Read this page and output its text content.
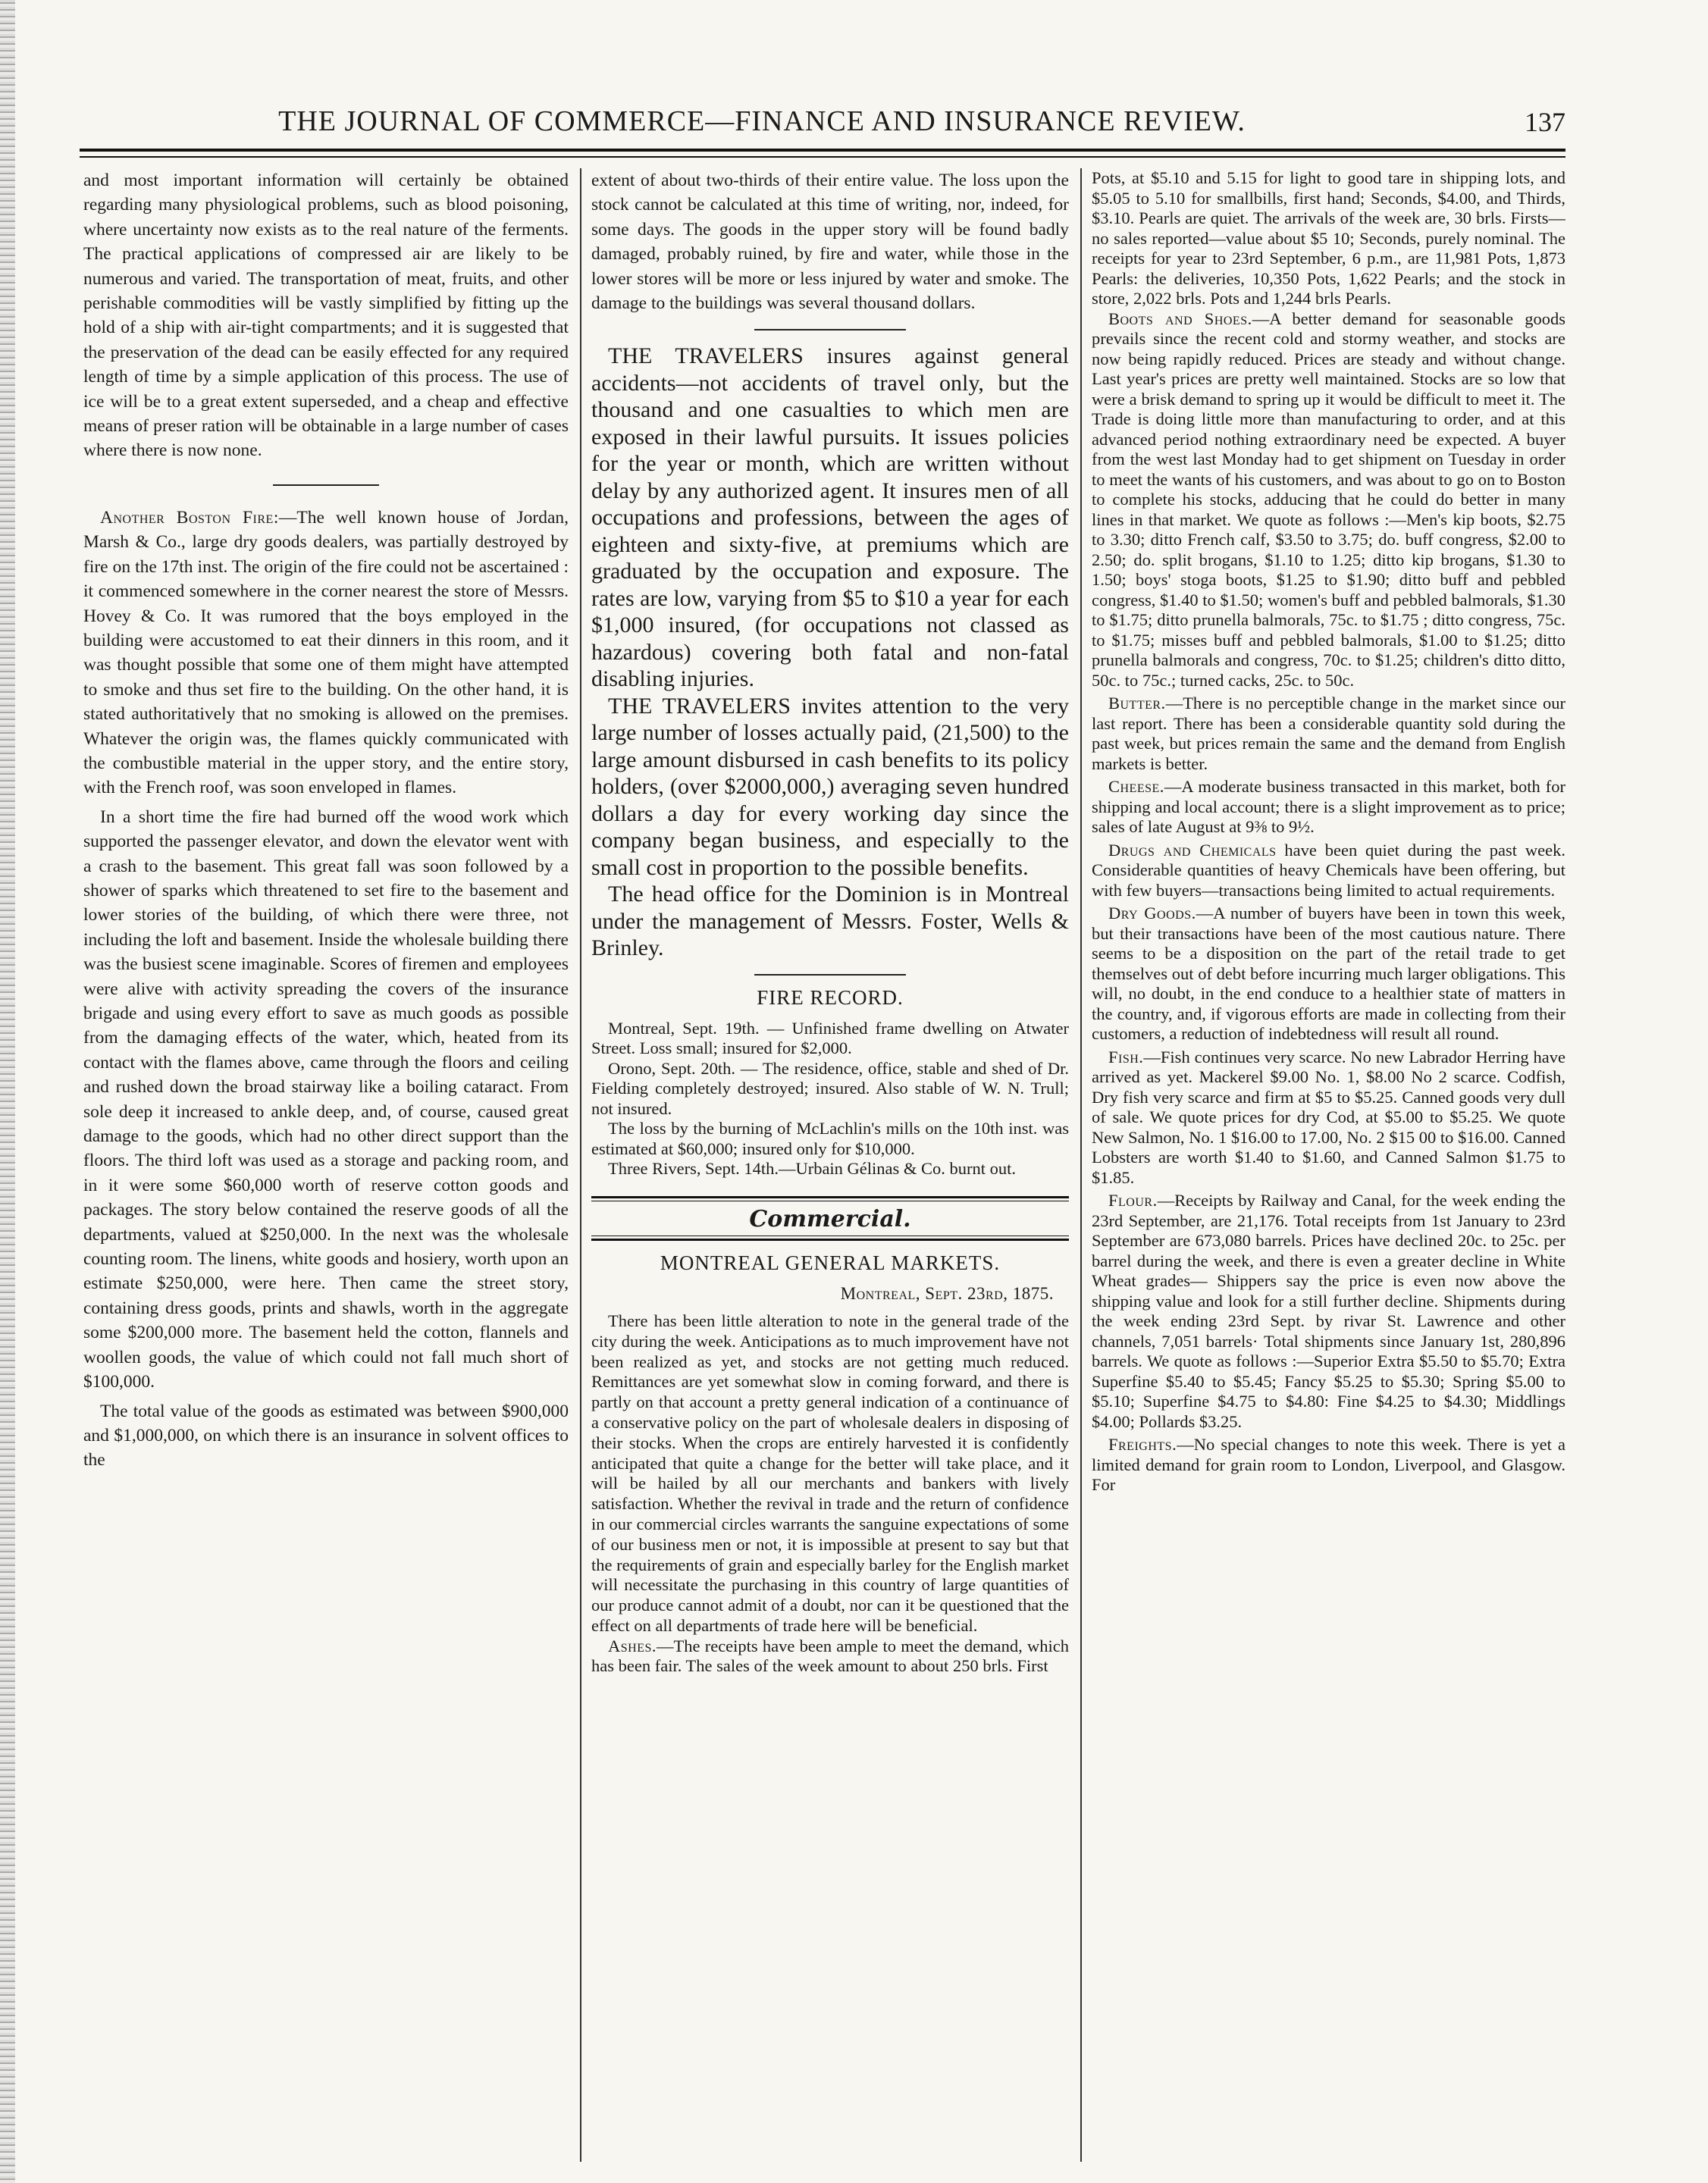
THE JOURNAL OF COMMERCE—FINANCE AND INSURANCE REVIEW.	137

and most important information will certainly be obtained regarding many physiological problems, such as blood poisoning, where uncertainty now exists as to the real nature of the ferments. The practical applications of compressed air are likely to be numerous and varied. The transportation of meat, fruits, and other perishable commodities will be vastly simplified by fitting up the hold of a ship with air-tight compartments; and it is suggested that the preservation of the dead can be easily effected for any required length of time by a simple application of this process. The use of ice will be to a great extent superseded, and a cheap and effective means of preser ration will be obtainable in a large number of cases where there is now none.

Another Boston Fire:—The well known house of Jordan, Marsh & Co., large dry goods dealers, was partially destroyed by fire on the 17th inst. The origin of the fire could not be ascertained : it commenced somewhere in the corner nearest the store of Messrs. Hovey & Co. It was rumored that the boys employed in the building were accustomed to eat their dinners in this room, and it was thought possible that some one of them might have attempted to smoke and thus set fire to the building. On the other hand, it is stated authoritatively that no smoking is allowed on the premises. Whatever the origin was, the flames quickly communicated with the combustible material in the upper story, and the entire story, with the French roof, was soon enveloped in flames.

In a short time the fire had burned off the wood work which supported the passenger elevator, and down the elevator went with a crash to the basement. This great fall was soon followed by a shower of sparks which threatened to set fire to the basement and lower stories of the building, of which there were three, not including the loft and basement. Inside the wholesale building there was the busiest scene imaginable. Scores of firemen and employees were alive with activity spreading the covers of the insurance brigade and using every effort to save as much goods as possible from the damaging effects of the water, which, heated from its contact with the flames above, came through the floors and ceiling and rushed down the broad stairway like a boiling cataract. From sole deep it increased to ankle deep, and, of course, caused great damage to the goods, which had no other direct support than the floors. The third loft was used as a storage and packing room, and in it were some $60,000 worth of reserve cotton goods and packages. The story below contained the reserve goods of all the departments, valued at $250,000. In the next was the wholesale counting room. The linens, white goods and hosiery, worth upon an estimate $250,000, were here. Then came the street story, containing dress goods, prints and shawls, worth in the aggregate some $200,000 more. The basement held the cotton, flannels and woollen goods, the value of which could not fall much short of $100,000.

The total value of the goods as estimated was between $900,000 and $1,000,000, on which there is an insurance in solvent offices to the

extent of about two-thirds of their entire value. The loss upon the stock cannot be calculated at this time of writing, nor, indeed, for some days. The goods in the upper story will be found badly damaged, probably ruined, by fire and water, while those in the lower stores will be more or less injured by water and smoke. The damage to the buildings was several thousand dollars.

THE TRAVELERS insures against general accidents—not accidents of travel only, but the thousand and one casualties to which men are exposed in their lawful pursuits. It issues policies for the year or month, which are written without delay by any authorized agent. It insures men of all occupations and professions, between the ages of eighteen and sixty-five, at premiums which are graduated by the occupation and exposure. The rates are low, varying from $5 to $10 a year for each $1,000 insured, (for occupations not classed as hazardous) covering both fatal and non-fatal disabling injuries.

THE TRAVELERS invites attention to the very large number of losses actually paid, (21,500) to the large amount disbursed in cash benefits to its policy holders, (over $2000,000,) averaging seven hundred dollars a day for every working day since the company began business, and especially to the small cost in proportion to the possible benefits.

The head office for the Dominion is in Montreal under the management of Messrs. Foster, Wells & Brinley.

FIRE RECORD.

Montreal, Sept. 19th. — Unfinished frame dwelling on Atwater Street. Loss small; insured for $2,000.

Orono, Sept. 20th. — The residence, office, stable and shed of Dr. Fielding completely destroyed; insured. Also stable of W. N. Trull; not insured.

The loss by the burning of McLachlin's mills on the 10th inst. was estimated at $60,000; insured only for $10,000.

Three Rivers, Sept. 14th.—Urbain Gélinas & Co. burnt out.

Commercial.
MONTREAL GENERAL MARKETS.
Montreal, Sept. 23rd, 1875.

There has been little alteration to note in the general trade of the city during the week. Anticipations as to much improvement have not been realized as yet, and stocks are not getting much reduced. Remittances are yet somewhat slow in coming forward, and there is partly on that account a pretty general indication of a continuance of a conservative policy on the part of wholesale dealers in disposing of their stocks. When the crops are entirely harvested it is confidently anticipated that quite a change for the better will take place, and it will be hailed by all our merchants and bankers with lively satisfaction. Whether the revival in trade and the return of confidence in our commercial circles warrants the sanguine expectations of some of our business men or not, it is impossible at present to say but that the requirements of grain and especially barley for the English market will necessitate the purchasing in this country of large quantities of our produce cannot admit of a doubt, nor can it be questioned that the effect on all departments of trade here will be beneficial.

Ashes.—The receipts have been ample to meet the demand, which has been fair. The sales of the week amount to about 250 brls. First

Pots, at $5.10 and 5.15 for light to good tare in shipping lots, and $5.05 to 5.10 for smallbills, first hand; Seconds, $4.00, and Thirds, $3.10. Pearls are quiet. The arrivals of the week are, 30 brls. Firsts—no sales reported—value about $5 10; Seconds, purely nominal. The receipts for year to 23rd September, 6 p.m., are 11,981 Pots, 1,873 Pearls: the deliveries, 10,350 Pots, 1,622 Pearls; and the stock in store, 2,022 brls. Pots and 1,244 brls Pearls.

Boots and Shoes.—A better demand for seasonable goods prevails since the recent cold and stormy weather, and stocks are now being rapidly reduced. Prices are steady and without change. Last year's prices are pretty well maintained. Stocks are so low that were a brisk demand to spring up it would be difficult to meet it. The Trade is doing little more than manufacturing to order, and at this advanced period nothing extraordinary need be expected. A buyer from the west last Monday had to get shipment on Tuesday in order to meet the wants of his customers, and was about to go on to Boston to complete his stocks, adducing that he could do better in many lines in that market. We quote as follows :—Men's kip boots, $2.75 to 3.30; ditto French calf, $3.50 to 3.75; do. buff congress, $2.00 to 2.50; do. split brogans, $1.10 to 1.25; ditto kip brogans, $1.30 to 1.50; boys' stoga boots, $1.25 to $1.90; ditto buff and pebbled congress, $1.40 to $1.50; women's buff and pebbled balmorals, $1.30 to $1.75; ditto prunella balmorals, 75c. to $1.75 ; ditto congress, 75c. to $1.75; misses buff and pebbled balmorals, $1.00 to $1.25; ditto prunella balmorals and congress, 70c. to $1.25; children's ditto ditto, 50c. to 75c.; turned cacks, 25c. to 50c.

Butter.—There is no perceptible change in the market since our last report. There has been a considerable quantity sold during the past week, but prices remain the same and the demand from English markets is better.

Cheese.—A moderate business transacted in this market, both for shipping and local account; there is a slight improvement as to price; sales of late August at 9⅜ to 9½.

Drugs and Chemicals have been quiet during the past week. Considerable quantities of heavy Chemicals have been offering, but with few buyers—transactions being limited to actual requirements.

Dry Goods.—A number of buyers have been in town this week, but their transactions have been of the most cautious nature. There seems to be a disposition on the part of the retail trade to get themselves out of debt before incurring much larger obligations. This will, no doubt, in the end conduce to a healthier state of matters in the country, and, if vigorous efforts are made in collecting from their customers, a reduction of indebtedness will result all round.

Fish.—Fish continues very scarce. No new Labrador Herring have arrived as yet. Mackerel $9.00 No. 1, $8.00 No 2 scarce. Codfish, Dry fish very scarce and firm at $5 to $5.25. Canned goods very dull of sale. We quote prices for dry Cod, at $5.00 to $5.25. We quote New Salmon, No. 1 $16.00 to 17.00, No. 2 $15 00 to $16.00. Canned Lobsters are worth $1.40 to $1.60, and Canned Salmon $1.75 to $1.85.

Flour.—Receipts by Railway and Canal, for the week ending the 23rd September, are 21,176. Total receipts from 1st January to 23rd September are 673,080 barrels. Prices have declined 20c. to 25c. per barrel during the week, and there is even a greater decline in White Wheat grades— Shippers say the price is even now above the shipping value and look for a still further decline. Shipments during the week ending 23rd Sept. by rivar St. Lawrence and other channels, 7,051 barrels· Total shipments since January 1st, 280,896 barrels. We quote as follows :—Superior Extra $5.50 to $5.70; Extra Superfine $5.40 to $5.45; Fancy $5.25 to $5.30; Spring $5.00 to $5.10; Superfine $4.75 to $4.80: Fine $4.25 to $4.30; Middlings $4.00; Pollards $3.25.

Freights.—No special changes to note this week. There is yet a limited demand for grain room to London, Liverpool, and Glasgow. For
